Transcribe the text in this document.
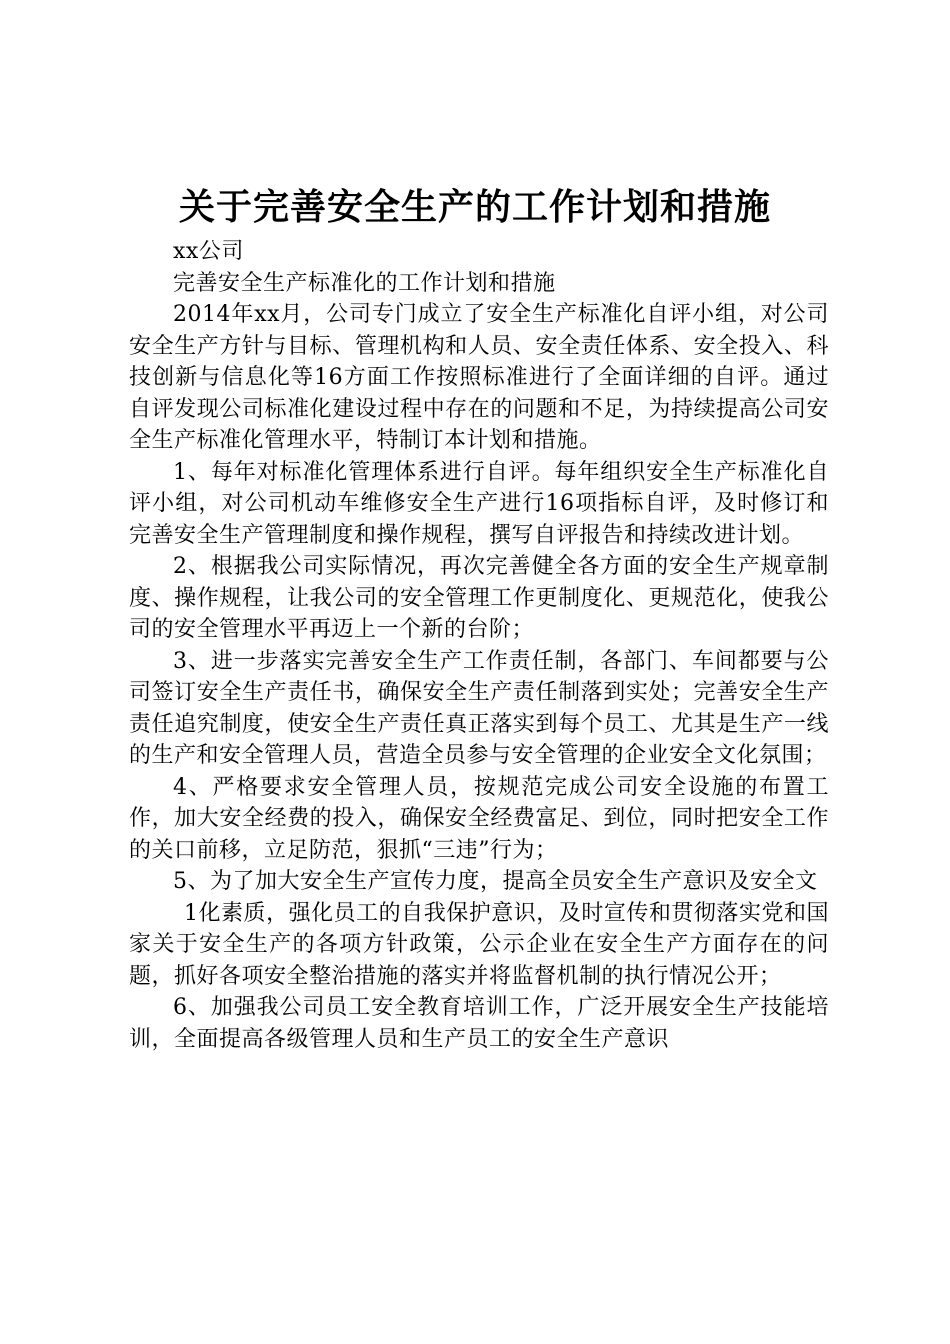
关于完善安全生产的工作计划和措施

xx公司

完善安全生产标准化的工作计划和措施

2014年xx月，公司专门成立了安全生产标准化自评小组，对公司安全生产方针与目标、管理机构和人员、安全责任体系、安全投入、科技创新与信息化等16方面工作按照标准进行了全面详细的自评。通过自评发现公司标准化建设过程中存在的问题和不足，为持续提高公司安全生产标准化管理水平，特制订本计划和措施。

1、每年对标准化管理体系进行自评。每年组织安全生产标准化自评小组，对公司机动车维修安全生产进行16项指标自评，及时修订和完善安全生产管理制度和操作规程，撰写自评报告和持续改进计划。

2、根据我公司实际情况，再次完善健全各方面的安全生产规章制度、操作规程，让我公司的安全管理工作更制度化、更规范化，使我公司的安全管理水平再迈上一个新的台阶；

3、进一步落实完善安全生产工作责任制，各部门、车间都要与公司签订安全生产责任书，确保安全生产责任制落到实处；完善安全生产责任追究制度，使安全生产责任真正落实到每个员工、尤其是生产一线的生产和安全管理人员，营造全员参与安全管理的企业安全文化氛围；

4、严格要求安全管理人员，按规范完成公司安全设施的布置工作，加大安全经费的投入，确保安全经费富足、到位，同时把安全工作的关口前移，立足防范，狠抓“三违”行为；

5、为了加大安全生产宣传力度，提高全员安全生产意识及安全文

1化素质，强化员工的自我保护意识，及时宣传和贯彻落实党和国家关于安全生产的各项方针政策，公示企业在安全生产方面存在的问题，抓好各项安全整治措施的落实并将监督机制的执行情况公开；

6、加强我公司员工安全教育培训工作，广泛开展安全生产技能培训，全面提高各级管理人员和生产员工的安全生产意识
